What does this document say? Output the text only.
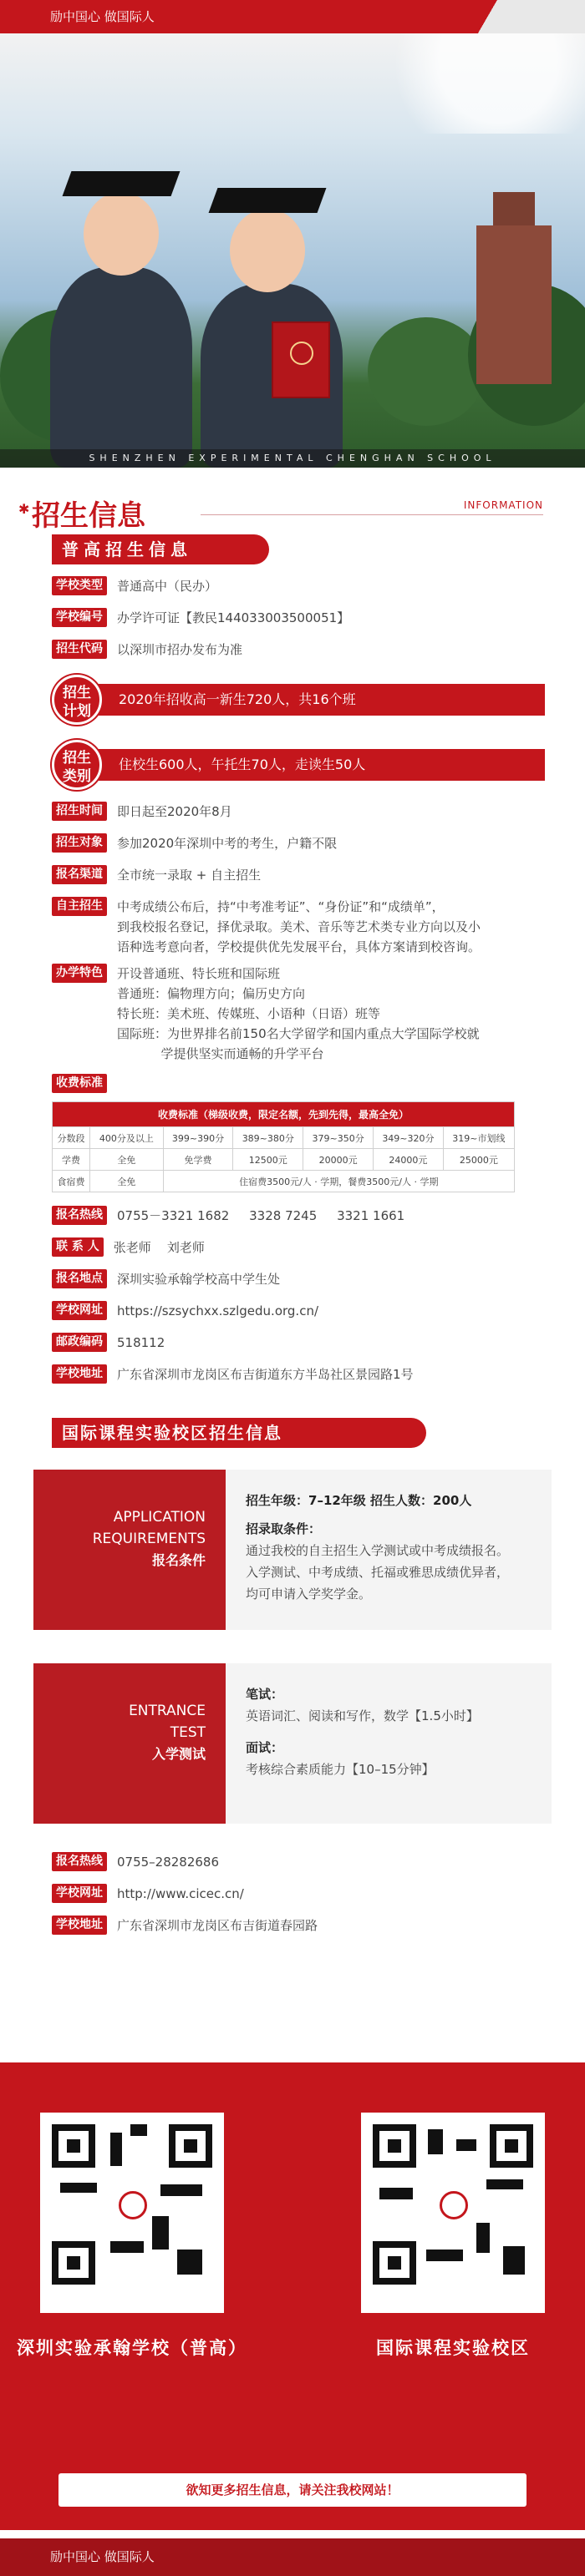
励中国心 做国际人
SHENZHEN EXPERIMENTAL CHENGHAN SCHOOL
✱ 招生信息	INFORMATION
普高招生信息
学校类型	普通高中（民办）
学校编号	办学许可证【教民144033003500051】
招生代码	以深圳市招办发布为准
招生
计划
2020年招收高一新生720人，共16个班
招生
类别
住校生600人，午托生70人，走读生50人
招生时间	即日起至2020年8月
招生对象	参加2020年深圳中考的考生，户籍不限
报名渠道	全市统一录取 + 自主招生
自主招生	中考成绩公布后，持“中考准考证”、“身份证”和“成绩单”，
到我校报名登记，择优录取。美术、音乐等艺术类专业方向以及小
语种选考意向者，学校提供优先发展平台，具体方案请到校咨询。
办学特色	开设普通班、特长班和国际班
普通班：偏物理方向；偏历史方向
特长班：美术班、传媒班、小语种（日语）班等
国际班：为世界排名前150名大学留学和国内重点大学国际学校就
学提供坚实而通畅的升学平台
收费标准
收费标准（梯级收费，限定名额，先到先得，最高全免）						
分数段	400分及以上	399~390分	389~380分	379~350分	349~320分	319~市划线
学费	全免	免学费	12500元	20000元	24000元	25000元
食宿费	全免	住宿费3500元/人 · 学期，餐费3500元/人 · 学期				
报名热线	0755－3321 1682     3328 7245     3321 1661
联 系 人	张老师    刘老师
报名地点	深圳实验承翰学校高中学生处
学校网址	https://szsychxx.szlgedu.org.cn/
邮政编码	518112
学校地址	广东省深圳市龙岗区布吉街道东方半岛社区景园路1号
国际课程实验校区招生信息
APPLICATION
REQUIREMENTS
报名条件
招生年级：7–12年级 招生人数：200人
招录取条件：
通过我校的自主招生入学测试或中考成绩报名。
入学测试、中考成绩、托福或雅思成绩优异者，
均可申请入学奖学金。
ENTRANCE
TEST
入学测试
笔试：
英语词汇、阅读和写作，数学【1.5小时】
面试：
考核综合素质能力【10–15分钟】
报名热线	0755–28282686
学校网址	http://www.cicec.cn/
学校地址	广东省深圳市龙岗区布吉街道春园路
深圳实验承翰学校（普高）	国际课程实验校区
欲知更多招生信息，请关注我校网站！
励中国心 做国际人
